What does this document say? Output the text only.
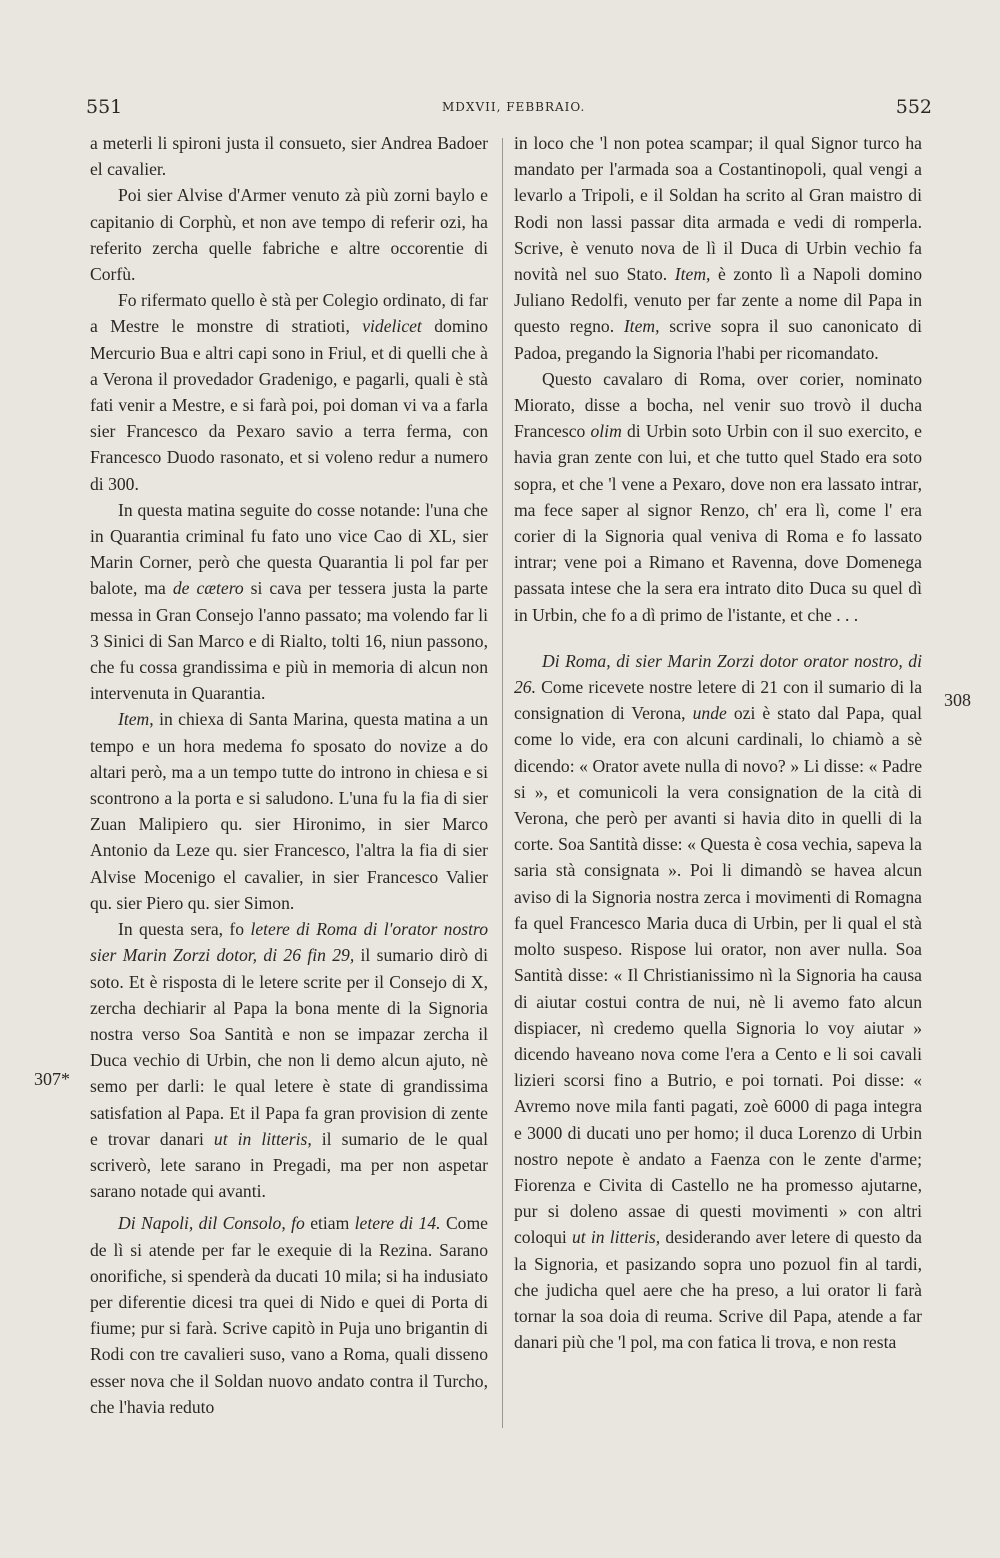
551	MDXVII, FEBBRAIO.	552
307*
308

a meterli li spironi justa il consueto, sier Andrea Badoer el cavalier.

Poi sier Alvise d'Armer venuto zà più zorni baylo e capitanio di Corphù, et non ave tempo di referir ozi, ha referito zercha quelle fabriche e altre occorentie di Corfù.

Fo rifermato quello è stà per Colegio ordinato, di far a Mestre le monstre di stratioti, videlicet domino Mercurio Bua e altri capi sono in Friul, et di quelli che à a Verona il provedador Gradenigo, e pagarli, quali è stà fati venir a Mestre, e si farà poi, poi doman vi va a farla sier Francesco da Pexaro savio a terra ferma, con Francesco Duodo rasonato, et si voleno redur a numero di 300.

In questa matina seguite do cosse notande: l'una che in Quarantia criminal fu fato uno vice Cao di XL, sier Marin Corner, però che questa Quarantia li pol far per balote, ma de cætero si cava per tessera justa la parte messa in Gran Consejo l'anno passato; ma volendo far li 3 Sinici di San Marco e di Rialto, tolti 16, niun passono, che fu cossa grandissima e più in memoria di alcun non intervenuta in Quarantia.

Item, in chiexa di Santa Marina, questa matina a un tempo e un hora medema fo sposato do novize a do altari però, ma a un tempo tutte do introno in chiesa e si scontrono a la porta e si saludono. L'una fu la fia di sier Zuan Malipiero qu. sier Hironimo, in sier Marco Antonio da Leze qu. sier Francesco, l'altra la fia di sier Alvise Mocenigo el cavalier, in sier Francesco Valier qu. sier Piero qu. sier Simon.

In questa sera, fo letere di Roma di l'orator nostro sier Marin Zorzi dotor, di 26 fin 29, il sumario dirò di soto. Et è risposta di le letere scrite per il Consejo di X, zercha dechiarir al Papa la bona mente di la Signoria nostra verso Soa Santità e non se impazar zercha il Duca vechio di Urbin, che non li demo alcun ajuto, nè semo per darli: le qual letere è state di grandissima satisfation al Papa. Et il Papa fa gran provision di zente e trovar danari ut in litteris, il sumario de le qual scriverò, lete sarano in Pregadi, ma per non aspetar sarano notade qui avanti.

Di Napoli, dil Consolo, fo etiam letere di 14. Come de lì si atende per far le exequie di la Rezina. Sarano onorifiche, si spenderà da ducati 10 mila; si ha indusiato per diferentie dicesi tra quei di Nido e quei di Porta di fiume; pur si farà. Scrive capitò in Puja uno brigantin di Rodi con tre cavalieri suso, vano a Roma, quali disseno esser nova che il Soldan nuovo andato contra il Turcho, che l'havia reduto

in loco che 'l non potea scampar; il qual Signor turco ha mandato per l'armada soa a Costantinopoli, qual vengi a levarlo a Tripoli, e il Soldan ha scrito al Gran maistro di Rodi non lassi passar dita armada e vedi di romperla. Scrive, è venuto nova de lì il Duca di Urbin vechio fa novità nel suo Stato. Item, è zonto lì a Napoli domino Juliano Redolfi, venuto per far zente a nome dil Papa in questo regno. Item, scrive sopra il suo canonicato di Padoa, pregando la Signoria l'habi per ricomandato.

Questo cavalaro di Roma, over corier, nominato Miorato, disse a bocha, nel venir suo trovò il ducha Francesco olim di Urbin soto Urbin con il suo exercito, e havia gran zente con lui, et che tutto quel Stado era soto sopra, et che 'l vene a Pexaro, dove non era lassato intrar, ma fece saper al signor Renzo, ch' era lì, come l' era corier di la Signoria qual veniva di Roma e fo lassato intrar; vene poi a Rimano et Ravenna, dove Domenega passata intese che la sera era intrato dito Duca su quel dì in Urbin, che fo a dì primo de l'istante, et che . . .

Di Roma, di sier Marin Zorzi dotor orator nostro, di 26. Come ricevete nostre letere di 21 con il sumario di la consignation di Verona, unde ozi è stato dal Papa, qual come lo vide, era con alcuni cardinali, lo chiamò a sè dicendo: « Orator avete nulla di novo? » Li disse: « Padre si », et comunicoli la vera consignation de la cità di Verona, che però per avanti si havia dito in quelli di la corte. Soa Santità disse: « Questa è cosa vechia, sapeva la saria stà consignata ». Poi li dimandò se havea alcun aviso di la Signoria nostra zerca i movimenti di Romagna fa quel Francesco Maria duca di Urbin, per li qual el stà molto suspeso. Rispose lui orator, non aver nulla. Soa Santità disse: « Il Christianissimo nì la Signoria ha causa di aiutar costui contra de nui, nè li avemo fato alcun dispiacer, nì credemo quella Signoria lo voy aiutar » dicendo haveano nova come l'era a Cento e li soi cavali lizieri scorsi fino a Butrio, e poi tornati. Poi disse: « Avremo nove mila fanti pagati, zoè 6000 di paga integra e 3000 di ducati uno per homo; il duca Lorenzo di Urbin nostro nepote è andato a Faenza con le zente d'arme; Fiorenza e Civita di Castello ne ha promesso ajutarne, pur si doleno assae di questi movimenti » con altri coloqui ut in litteris, desiderando aver letere di questo da la Signoria, et pasizando sopra uno pozuol fin al tardi, che judicha quel aere che ha preso, a lui orator li farà tornar la soa doia di reuma. Scrive dil Papa, atende a far danari più che 'l pol, ma con fatica li trova, e non resta
